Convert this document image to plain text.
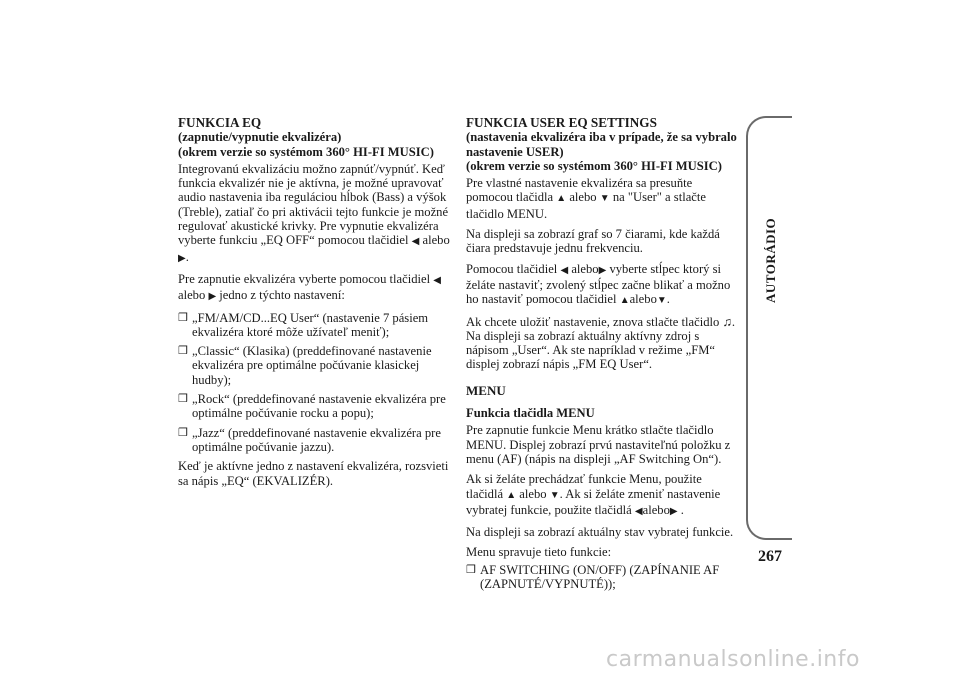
FUNKCIA EQ
(zapnutie/vypnutie ekvalizéra)
(okrem verzie so systémom 360° HI-FI MUSIC)

Integrovanú ekvalizáciu možno zapnúť/vypnúť. Keď funkcia ekvalizér nie je aktívna, je možné upravovať audio nastavenia iba reguláciou hĺbok (Bass) a výšok (Treble), zatiaľ čo pri aktivácii tejto funkcie je možné regulovať akustické krivky. Pre vypnutie ekvalizéra vyberte funkciu „EQ OFF“ pomocou tlačidiel ◀ alebo ▶.

Pre zapnutie ekvalizéra vyberte pomocou tlačidiel ◀ alebo ▶ jedno z týchto nastavení:

❒ „FM/AM/CD...EQ User“ (nastavenie 7 pásiem ekvalizéra ktoré môže užívateľ meniť);
❒ „Classic“ (Klasika) (preddefinované nastavenie ekvalizéra pre optimálne počúvanie klasickej hudby);
❒ „Rock“ (preddefinované nastavenie ekvalizéra pre optimálne počúvanie rocku a popu);
❒ „Jazz“ (preddefinované nastavenie ekvalizéra pre optimálne počúvanie jazzu).

Keď je aktívne jedno z nastavení ekvalizéra, rozsvieti sa nápis „EQ“ (EKVALIZÉR).

FUNKCIA USER EQ SETTINGS
(nastavenia ekvalizéra iba v prípade, že sa vybralo nastavenie USER)
(okrem verzie so systémom 360° HI-FI MUSIC)

Pre vlastné nastavenie ekvalizéra sa presuňte pomocou tlačidla ▲ alebo ▼ na "User" a stlačte tlačidlo MENU.

Na displeji sa zobrazí graf so 7 čiarami, kde každá čiara predstavuje jednu frekvenciu.

Pomocou tlačidiel ◀ alebo▶ vyberte stĺpec ktorý si želáte nastaviť; zvolený stĺpec začne blikať a možno ho nastaviť pomocou tlačidiel ▲alebo▼.

Ak chcete uložiť nastavenie, znova stlačte tlačidlo ♫. Na displeji sa zobrazí aktuálny aktívny zdroj s nápisom „User“. Ak ste napríklad v režime „FM“ displej zobrazí nápis „FM EQ User“.

MENU
Funkcia tlačidla MENU

Pre zapnutie funkcie Menu krátko stlačte tlačidlo MENU. Displej zobrazí prvú nastaviteľnú položku z menu (AF) (nápis na displeji „AF Switching On“).

Ak si želáte prechádzať funkcie Menu, použite tlačidlá ▲ alebo ▼. Ak si želáte zmeniť nastavenie vybratej funkcie, použite tlačidlá ◀alebo▶ .

Na displeji sa zobrazí aktuálny stav vybratej funkcie.

Menu spravuje tieto funkcie:

❒ AF SWITCHING (ON/OFF) (ZAPÍNANIE AF (ZAPNUTÉ/VYPNUTÉ));
AUTORÁDIO
267
carmanualsonline.info
